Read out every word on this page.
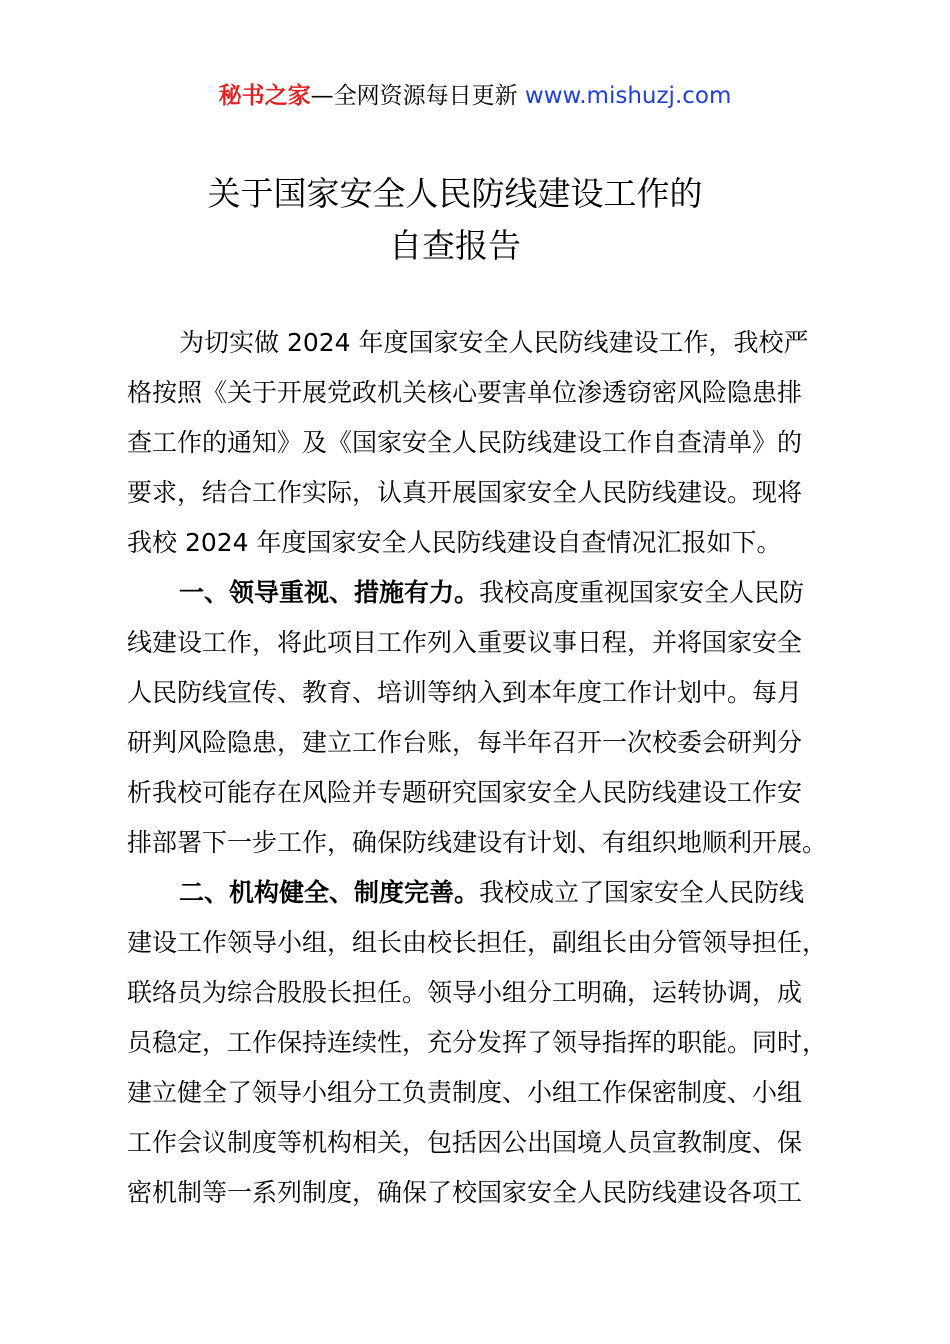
秘书之家—全网资源每日更新 www.mishuzj.com
关于国家安全人民防线建设工作的
自查报告
为切实做 2024 年度国家安全人民防线建设工作，我校严
格按照《关于开展党政机关核心要害单位渗透窃密风险隐患排
查工作的通知》及《国家安全人民防线建设工作自查清单》的
要求，结合工作实际，认真开展国家安全人民防线建设。现将
我校 2024 年度国家安全人民防线建设自查情况汇报如下。
一、领导重视、措施有力。我校高度重视国家安全人民防
线建设工作，将此项目工作列入重要议事日程，并将国家安全
人民防线宣传、教育、培训等纳入到本年度工作计划中。每月
研判风险隐患，建立工作台账，每半年召开一次校委会研判分
析我校可能存在风险并专题研究国家安全人民防线建设工作安
排部署下一步工作，确保防线建设有计划、有组织地顺利开展。
二、机构健全、制度完善。我校成立了国家安全人民防线
建设工作领导小组，组长由校长担任，副组长由分管领导担任，
联络员为综合股股长担任。领导小组分工明确，运转协调，成
员稳定，工作保持连续性，充分发挥了领导指挥的职能。同时，
建立健全了领导小组分工负责制度、小组工作保密制度、小组
工作会议制度等机构相关，包括因公出国境人员宣教制度、保
密机制等一系列制度，确保了校国家安全人民防线建设各项工
